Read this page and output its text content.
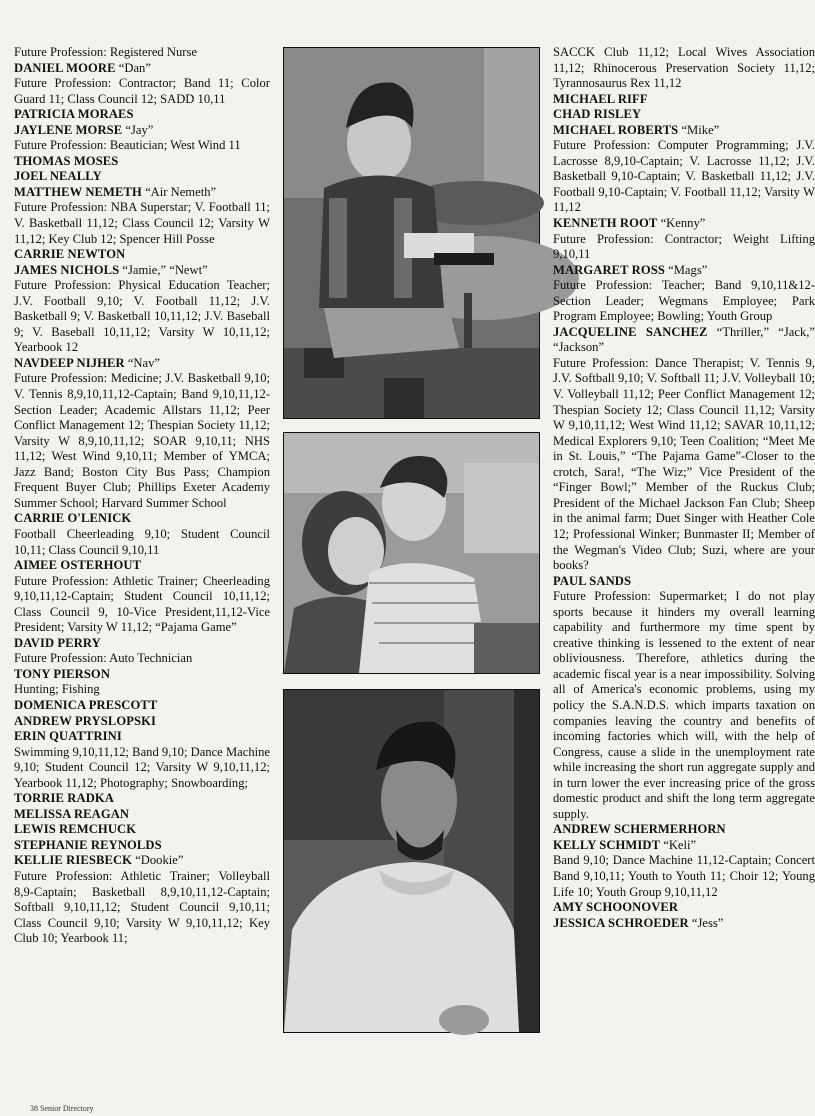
Future Profession: Registered Nurse

DANIEL MOORE “Dan”

Future Profession: Contractor; Band 11; Color Guard 11; Class Council 12; SADD 10,11

PATRICIA MORAES
JAYLENE MORSE “Jay”

Future Profession: Beautician; West Wind 11

THOMAS MOSES
JOEL NEALLY
MATTHEW NEMETH “Air Nemeth”

Future Profession: NBA Superstar; V. Football 11; V. Basketball 11,12; Class Council 12; Varsity W 11,12; Key Club 12; Spencer Hill Posse

CARRIE NEWTON
JAMES NICHOLS “Jamie,” “Newt”

Future Profession: Physical Education Teacher; J.V. Football 9,10; V. Football 11,12; J.V. Basketball 9; V. Basketball 10,11,12; J.V. Baseball 9; V. Baseball 10,11,12; Varsity W 10,11,12; Yearbook 12

NAVDEEP NIJHER “Nav”

Future Profession: Medicine; J.V. Basketball 9,10; V. Tennis 8,9,10,11,12-Captain; Band 9,10,11,12-Section Leader; Academic Allstars 11,12; Peer Conflict Management 12; Thespian Society 11,12; Varsity W 8,9,10,11,12; SOAR 9,10,11; NHS 11,12; West Wind 9,10,11; Member of YMCA; Jazz Band; Boston City Bus Pass; Champion Frequent Buyer Club; Phillips Exeter Academy Summer School; Harvard Summer School

CARRIE O'LENICK

Football Cheerleading 9,10; Student Council 10,11; Class Council 9,10,11

AIMEE OSTERHOUT

Future Profession: Athletic Trainer; Cheerleading 9,10,11,12-Captain; Student Council 10,11,12; Class Council 9, 10-Vice President,11,12-Vice President; Varsity W 11,12; “Pajama Game”

DAVID PERRY

Future Profession: Auto Technician

TONY PIERSON

Hunting; Fishing

DOMENICA PRESCOTT
ANDREW PRYSLOPSKI
ERIN QUATTRINI

Swimming 9,10,11,12; Band 9,10; Dance Machine 9,10; Student Council 12; Varsity W 9,10,11,12; Yearbook 11,12; Photography; Snowboarding;

TORRIE RADKA
MELISSA REAGAN
LEWIS REMCHUCK
STEPHANIE REYNOLDS
KELLIE RIESBECK “Dookie”

Future Profession: Athletic Trainer; Volleyball 8,9-Captain; Basketball 8,9,10,11,12-Captain; Softball 9,10,11,12; Student Council 9,10,11; Class Council 9,10; Varsity W 9,10,11,12; Key Club 10; Yearbook 11;

SACCK Club 11,12; Local Wives Association 11,12; Rhinocerous Preservation Society 11,12; Tyrannosaurus Rex 11,12

MICHAEL RIFF
CHAD RISLEY
MICHAEL ROBERTS “Mike”

Future Profession: Computer Programming; J.V. Lacrosse 8,9,10-Captain; V. Lacrosse 11,12; J.V. Basketball 9,10-Captain; V. Basketball 11,12; J.V. Football 9,10-Captain; V. Football 11,12; Varsity W 11,12

KENNETH ROOT “Kenny”

Future Profession: Contractor; Weight Lifting 9,10,11

MARGARET ROSS “Mags”

Future Profession: Teacher; Band 9,10,11&12-Section Leader; Wegmans Employee; Park Program Employee; Bowling; Youth Group

JACQUELINE SANCHEZ “Thriller,” “Jack,” “Jackson”

Future Profession: Dance Therapist; V. Tennis 9, J.V. Softball 9,10; V. Softball 11; J.V. Volleyball 10; V. Volleyball 11,12; Peer Conflict Management 12; Thespian Society 12; Class Council 11,12; Varsity W 9,10,11,12; West Wind 11,12; SAVAR 10,11,12; Medical Explorers 9,10; Teen Coalition; “Meet Me in St. Louis,” “The Pajama Game”-Closer to the crotch, Sara!, “The Wiz;” Vice President of the “Finger Bowl;” Member of the Ruckus Club; President of the Michael Jackson Fan Club; Sheep in the animal farm; Duet Singer with Heather Cole 12; Professional Winker; Bunmaster II; Member of the Wegman's Video Club; Suzi, where are your books?

PAUL SANDS

Future Profession: Supermarket; I do not play sports because it hinders my overall learning capability and furthermore my time spent by creative thinking is lessened to the extent of near obliviousness. Therefore, athletics during the academic fiscal year is a near impossibility. Solving all of America's economic problems, using my policy the S.A.N.D.S. which imparts taxation on companies leaving the country and benefits of incoming factories which will, with the help of Congress, cause a slide in the unemployment rate while increasing the short run aggregate supply and in turn lower the ever increasing price of the gross domestic product and shift the long term aggregate supply.

ANDREW SCHERMERHORN
KELLY SCHMIDT “Keli”

Band 9,10; Dance Machine 11,12-Captain; Concert Band 9,10,11; Youth to Youth 11; Choir 12; Young Life 10; Youth Group 9,10,11,12

AMY SCHOONOVER
JESSICA SCHROEDER “Jess”
38 Senior Directory
